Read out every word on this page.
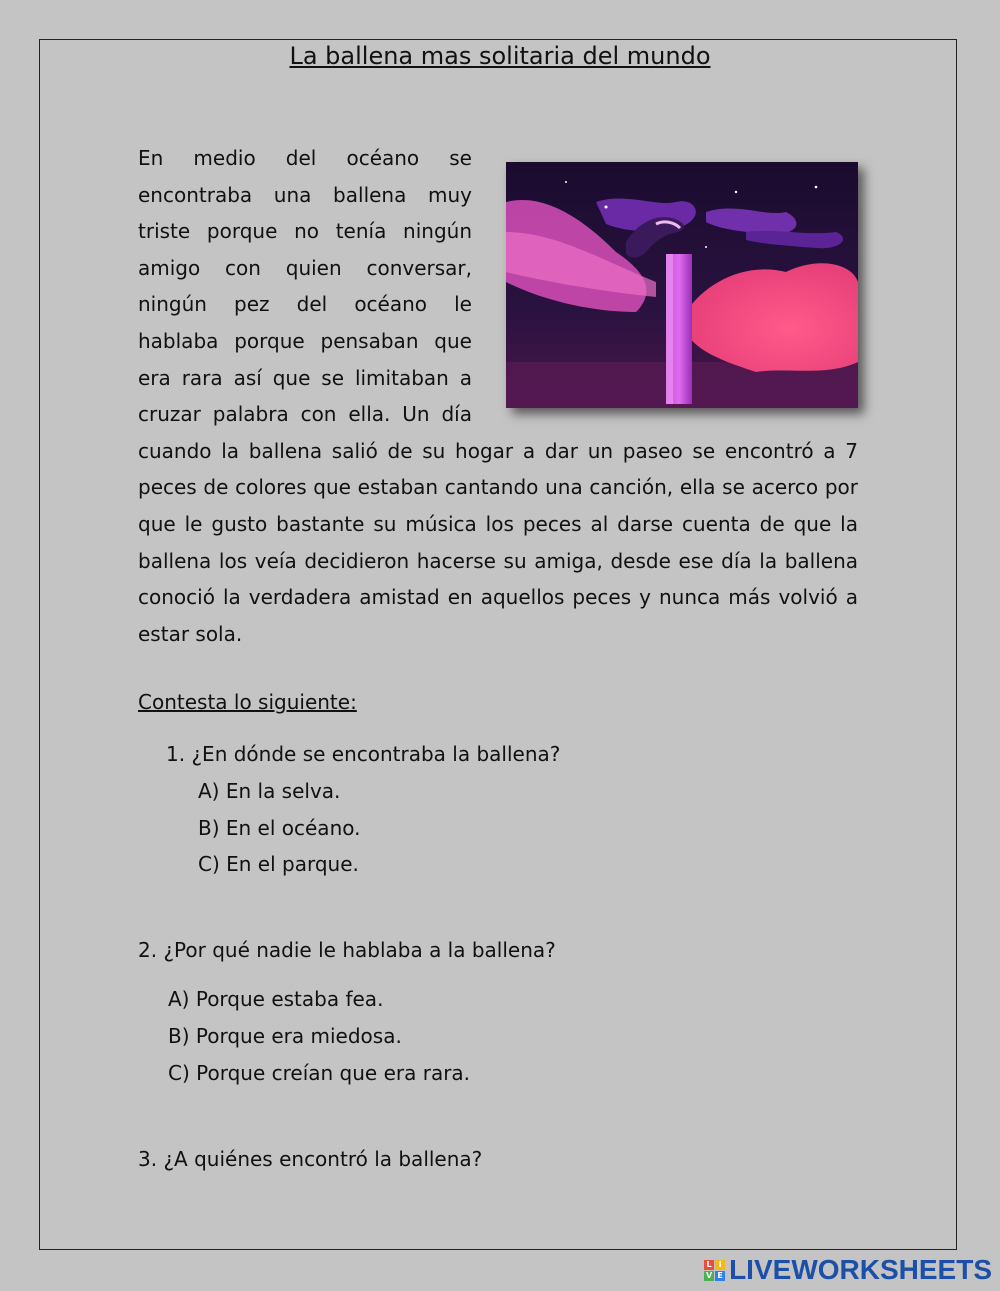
La ballena mas solitaria del mundo
En medio del océano se encontraba una ballena muy triste porque no tenía ningún amigo con quien conversar, ningún pez del océano le hablaba porque pensaban que era rara así que se limitaban a cruzar palabra con ella. Un día cuando la ballena salió de su hogar a dar un paseo se encontró a 7 peces de colores que estaban cantando una canción, ella se acerco por que le gusto bastante su música los peces al darse cuenta de que la ballena los veía decidieron hacerse su amiga, desde ese día la ballena conoció la verdadera amistad en aquellos peces y nunca más volvió a estar sola.
Contesta lo siguiente:

1. ¿En dónde se encontraba la ballena?

A) En la selva.

B) En el océano.

C) En el parque.

2. ¿Por qué nadie le hablaba a la ballena?

A) Porque estaba fea.

B) Porque era miedosa.

C) Porque creían que era rara.

3. ¿A quiénes encontró la ballena?

L I
V E LIVEWORKSHEETS
